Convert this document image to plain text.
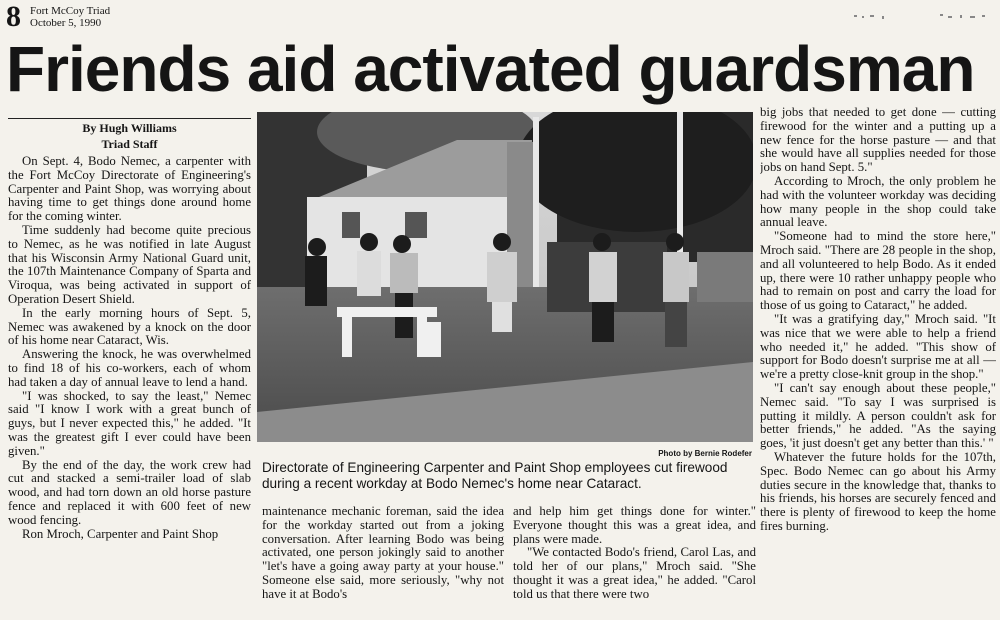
8 Fort McCoy Triad
October 5, 1990
Friends aid activated guardsman
By Hugh Williams
Triad Staff

On Sept. 4, Bodo Nemec, a carpenter with the Fort McCoy Directorate of Engineering's Carpenter and Paint Shop, was worrying about having time to get things done around home for the coming winter.

Time suddenly had become quite precious to Nemec, as he was notified in late August that his Wisconsin Army National Guard unit, the 107th Maintenance Company of Sparta and Viroqua, was being activated in support of Operation Desert Shield.

In the early morning hours of Sept. 5, Nemec was awakened by a knock on the door of his home near Cataract, Wis.

Answering the knock, he was overwhelmed to find 18 of his co-workers, each of whom had taken a day of annual leave to lend a hand.

"I was shocked, to say the least," Nemec said "I know I work with a great bunch of guys, but I never expected this," he added. "It was the greatest gift I ever could have been given."

By the end of the day, the work crew had cut and stacked a semi-trailer load of slab wood, and had torn down an old horse pasture fence and replaced it with 600 feet of new wood fencing.

Ron Mroch, Carpenter and Paint Shop

Photo by Bernie Rodefer
Directorate of Engineering Carpenter and Paint Shop employees cut firewood during a recent workday at Bodo Nemec's home near Cataract.

maintenance mechanic foreman, said the idea for the workday started out from a joking conversation. After learning Bodo was being activated, one person jokingly said to another "let's have a going away party at your house." Someone else said, more seriously, "why not have it at Bodo's

and help him get things done for winter." Everyone thought this was a great idea, and plans were made.

"We contacted Bodo's friend, Carol Las, and told her of our plans," Mroch said. "She thought it was a great idea," he added. "Carol told us that there were two

big jobs that needed to get done — cutting firewood for the winter and a putting up a new fence for the horse pasture — and that she would have all supplies needed for those jobs on hand Sept. 5."

According to Mroch, the only problem he had with the volunteer workday was deciding how many people in the shop could take annual leave.

"Someone had to mind the store here," Mroch said. "There are 28 people in the shop, and all volunteered to help Bodo. As it ended up, there were 10 rather unhappy people who had to remain on post and carry the load for those of us going to Cataract," he added.

"It was a gratifying day," Mroch said. "It was nice that we were able to help a friend who needed it," he added. "This show of support for Bodo doesn't surprise me at all — we're a pretty close-knit group in the shop."

"I can't say enough about these people," Nemec said. "To say I was surprised is putting it mildly. A person couldn't ask for better friends," he added. "As the saying goes, 'it just doesn't get any better than this.' "

Whatever the future holds for the 107th, Spec. Bodo Nemec can go about his Army duties secure in the knowledge that, thanks to his friends, his horses are securely fenced and there is plenty of firewood to keep the home fires burning.
